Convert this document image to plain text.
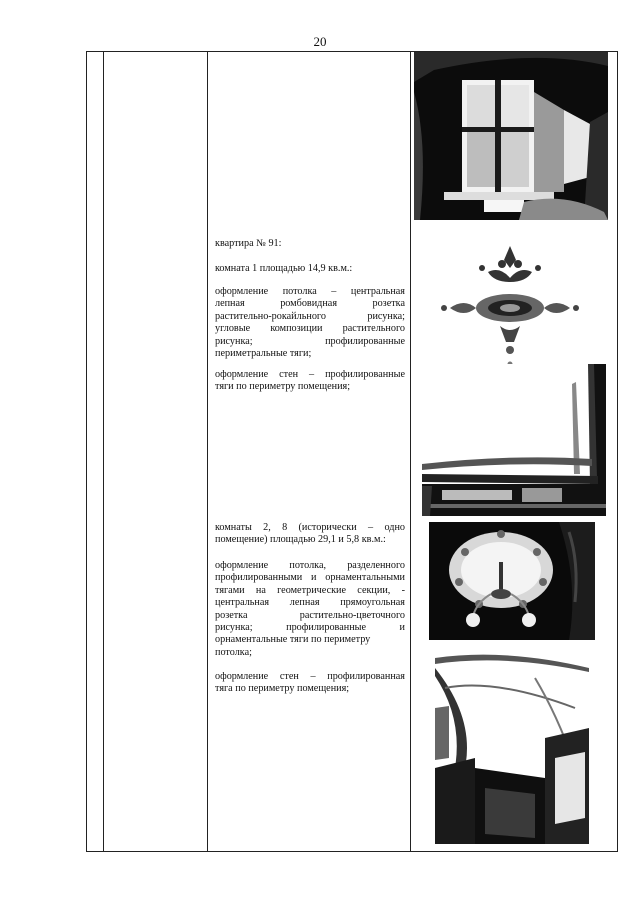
20

квартира № 91:

комната 1 площадью 14,9 кв.м.:

оформление потолка – центральная

лепная ромбовидная розетка

растительно-рокайльного рисунка;

угловые композиции растительного

рисунка; профилированные

периметральные тяги;

оформление стен – профилированные

тяги по периметру помещения;

комнаты 2, 8 (исторически – одно

помещение) площадью 29,1 и 5,8 кв.м.:

оформление потолка, разделенного

профилированными и орнаментальными

тягами на геометрические секции, -

центральная лепная прямоугольная

розетка растительно-цветочного

рисунка; профилированные и

орнаментальные тяги по периметру

потолка;

оформление стен – профилированная

тяга по периметру помещения;
